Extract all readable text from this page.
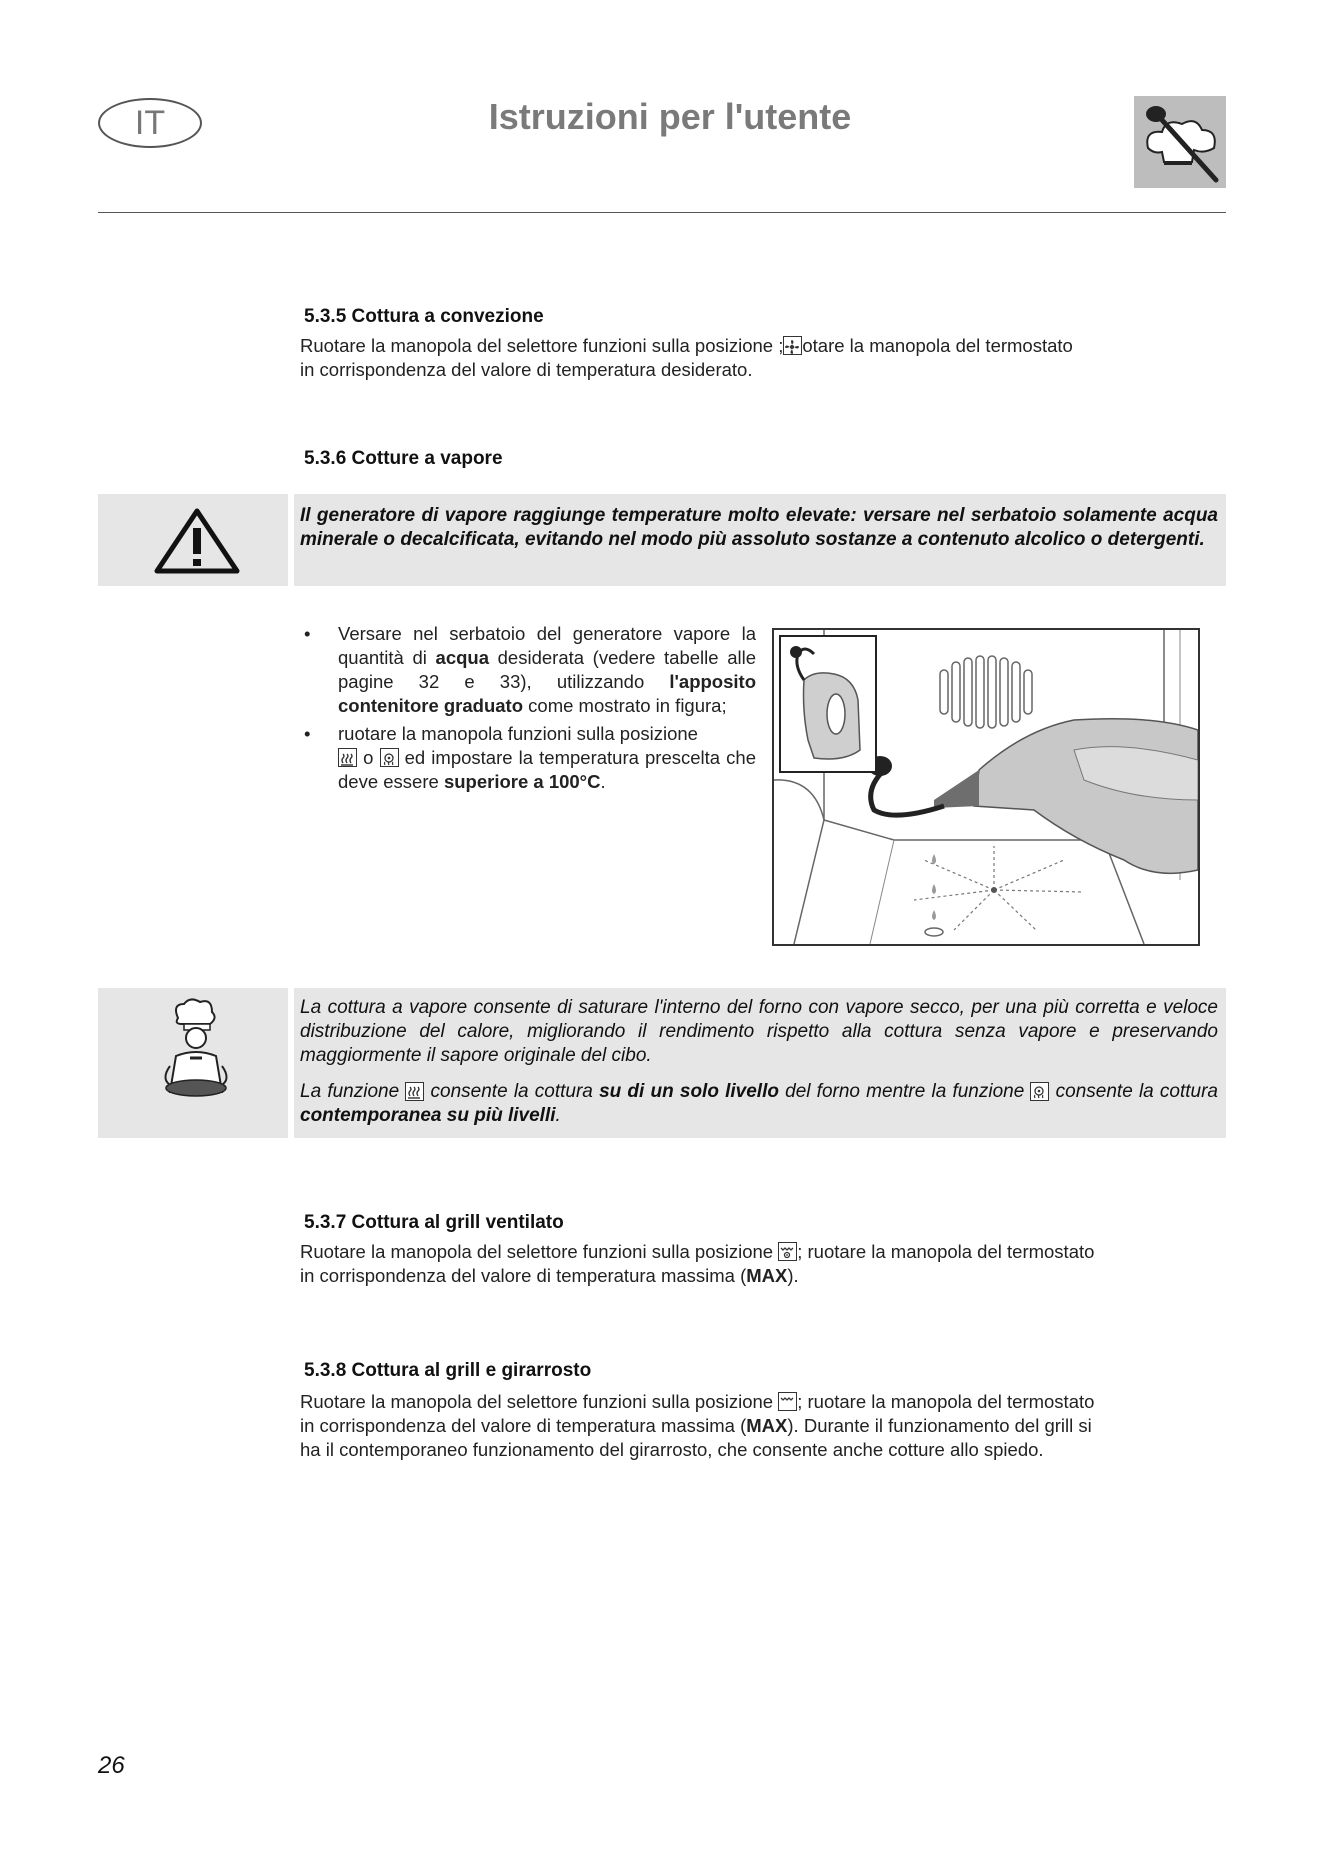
IT	Istruzioni per l'utente
5.3.5 Cottura a convezione
Ruotare la manopola del selettore funzioni sulla posizione ; otare la manopola del termostato
in corrispondenza del valore di temperatura desiderato.
5.3.6 Cotture a vapore
Il generatore di vapore raggiunge temperature molto elevate: versare nel serbatoio solamente acqua minerale o decalcificata, evitando nel modo più assoluto sostanze a contenuto alcolico o detergenti.
• Versare nel serbatoio del generatore vapore la quantità di acqua desiderata (vedere tabelle alle pagine 32 e 33), utilizzando l'apposito contenitore graduato come mostrato in figura;
• ruotare la manopola funzioni sulla posizione
o  ed impostare la temperatura prescelta che deve essere superiore a 100°C.
La cottura a vapore consente di saturare l'interno del forno con vapore secco, per una più corretta e veloce distribuzione del calore, migliorando il rendimento rispetto alla cottura senza vapore e preservando maggiormente il sapore originale del cibo.
La funzione  consente la cottura su di un solo livello del forno mentre la funzione  consente la cottura contemporanea su più livelli.
5.3.7 Cottura al grill ventilato
Ruotare la manopola del selettore funzioni sulla posizione ; ruotare la manopola del termostato
in corrispondenza del valore di temperatura massima (MAX).
5.3.8 Cottura al grill e girarrosto
Ruotare la manopola del selettore funzioni sulla posizione ; ruotare la manopola del termostato
in corrispondenza del valore di temperatura massima (MAX). Durante il funzionamento del grill si
ha il contemporaneo funzionamento del girarrosto, che consente anche cotture allo spiedo.
26
